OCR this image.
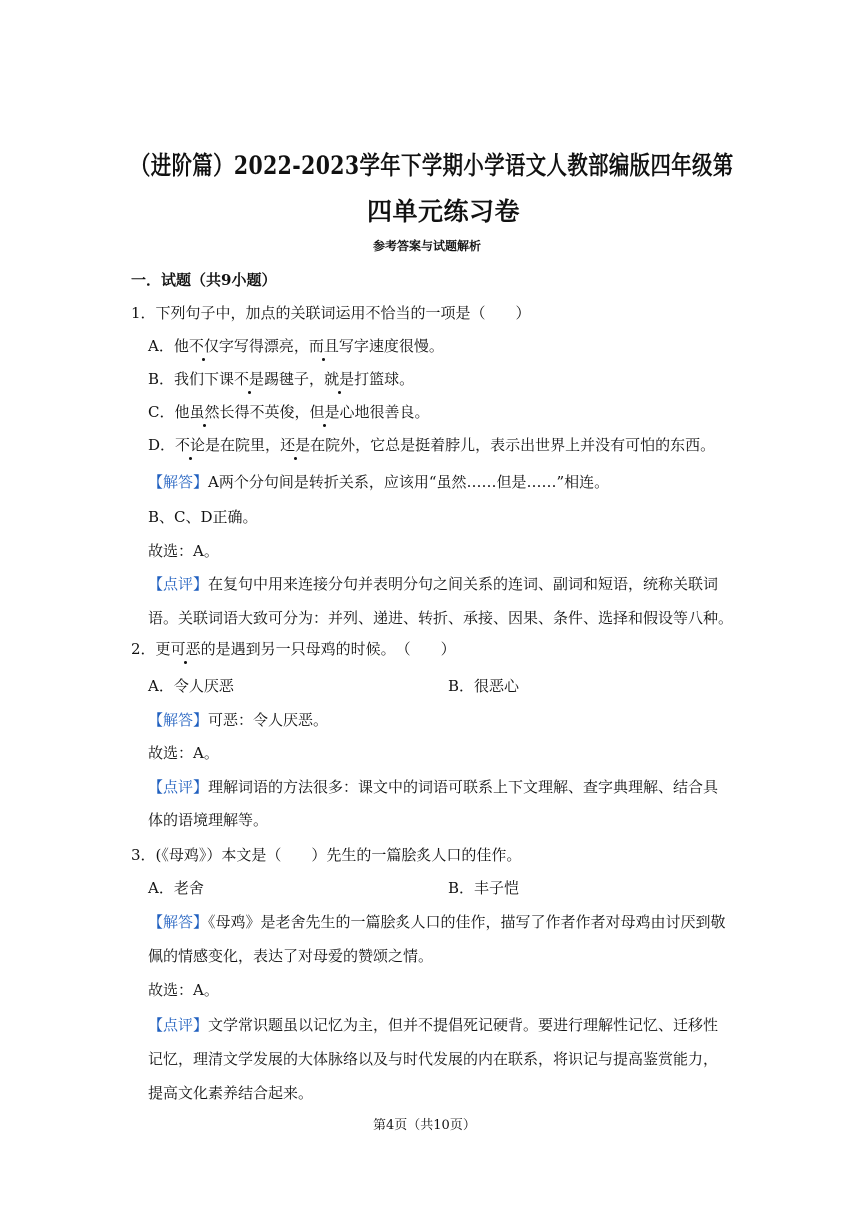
（进阶篇）2022-2023学年下学期小学语文人教部编版四年级第
四单元练习卷
参考答案与试题解析
一．试题（共9小题）
1．下列句子中，加点的关联词运用不恰当的一项是（　　）
A．他不仅字写得漂亮，而且写字速度很慢。
B．我们下课不是踢毽子，就是打篮球。
C．他虽然长得不英俊，但是心地很善良。
D．不论是在院里，还是在院外，它总是挺着脖儿，表示出世界上并没有可怕的东西。
【解答】A两个分句间是转折关系，应该用“虽然……但是……”相连。
B、C、D正确。
故选：A。
【点评】在复句中用来连接分句并表明分句之间关系的连词、副词和短语，统称关联词
语。关联词语大致可分为：并列、递进、转折、承接、因果、条件、选择和假设等八种。
2．更可恶的是遇到另一只母鸡的时候。　（　　）
A．令人厌恶	B．很恶心
【解答】可恶：令人厌恶。
故选：A。
【点评】理解词语的方法很多：课文中的词语可联系上下文理解、查字典理解、结合具
体的语境理解等。
3．(《母鸡》）本文是（　　）先生的一篇脍炙人口的佳作。
A．老舍	B．丰子恺
【解答】《母鸡》是老舍先生的一篇脍炙人口的佳作，描写了作者作者对母鸡由讨厌到敬
佩的情感变化，表达了对母爱的赞颂之情。
故选：A。
【点评】文学常识题虽以记忆为主，但并不提倡死记硬背。要进行理解性记忆、迁移性
记忆，理清文学发展的大体脉络以及与时代发展的内在联系，将识记与提高鉴赏能力，
提高文化素养结合起来。
第4页（共10页）
